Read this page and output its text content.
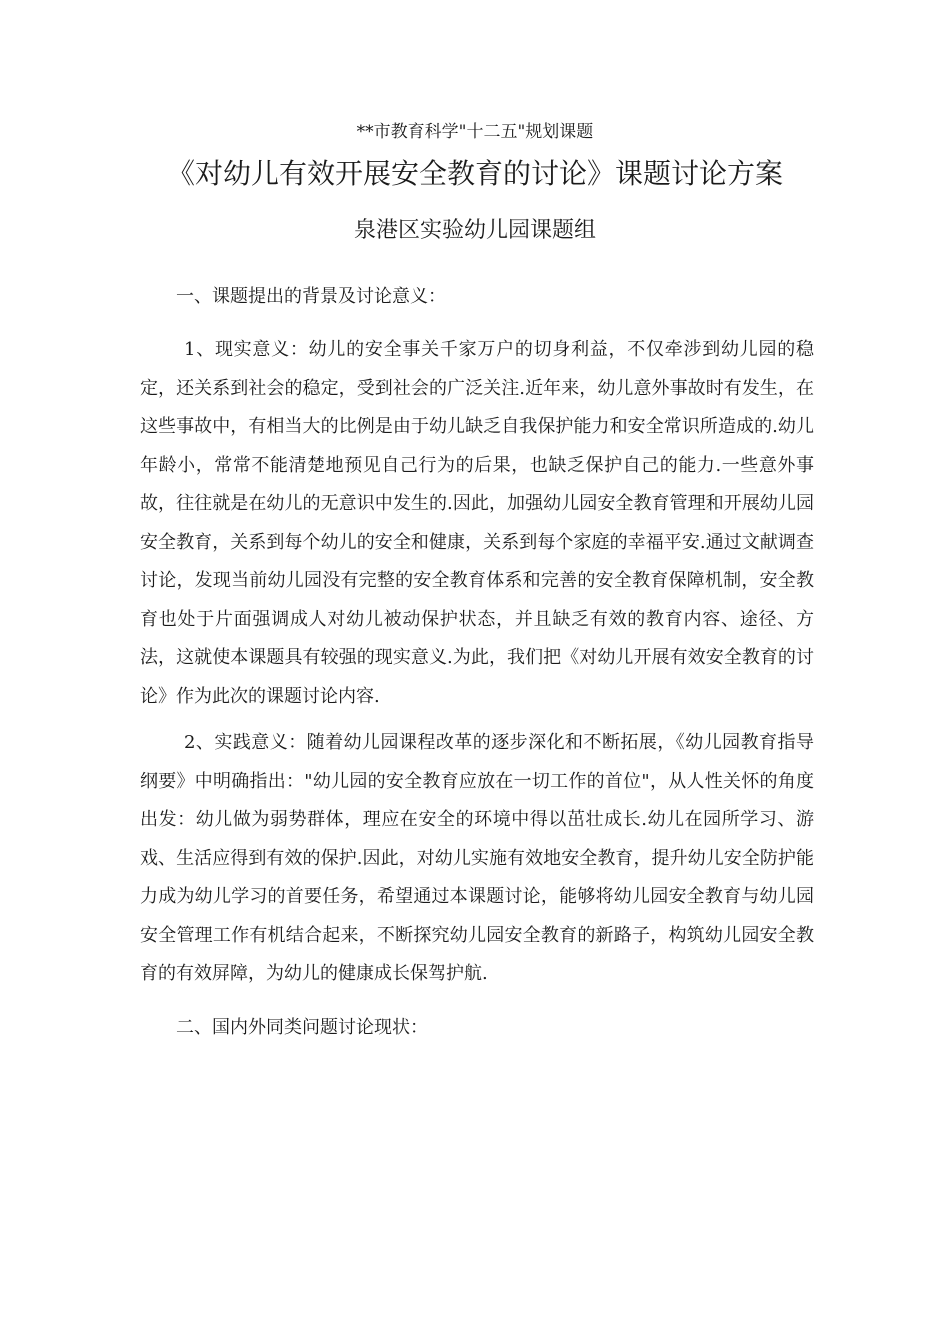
**市教育科学"十二五"规划课题
《对幼儿有效开展安全教育的讨论》课题讨论方案
泉港区实验幼儿园课题组
一、课题提出的背景及讨论意义：

1、现实意义：幼儿的安全事关千家万户的切身利益，不仅牵涉到幼儿园的稳定，还关系到社会的稳定，受到社会的广泛关注.近年来，幼儿意外事故时有发生，在这些事故中，有相当大的比例是由于幼儿缺乏自我保护能力和安全常识所造成的.幼儿年龄小，常常不能清楚地预见自己行为的后果，也缺乏保护自己的能力.一些意外事故，往往就是在幼儿的无意识中发生的.因此，加强幼儿园安全教育管理和开展幼儿园安全教育，关系到每个幼儿的安全和健康，关系到每个家庭的幸福平安.通过文献调查讨论，发现当前幼儿园没有完整的安全教育体系和完善的安全教育保障机制，安全教育也处于片面强调成人对幼儿被动保护状态，并且缺乏有效的教育内容、途径、方法，这就使本课题具有较强的现实意义.为此，我们把《对幼儿开展有效安全教育的讨论》作为此次的课题讨论内容.

2、实践意义：随着幼儿园课程改革的逐步深化和不断拓展，《幼儿园教育指导纲要》中明确指出："幼儿园的安全教育应放在一切工作的首位"，从人性关怀的角度出发：幼儿做为弱势群体，理应在安全的环境中得以茁壮成长.幼儿在园所学习、游戏、生活应得到有效的保护.因此，对幼儿实施有效地安全教育，提升幼儿安全防护能力成为幼儿学习的首要任务，希望通过本课题讨论，能够将幼儿园安全教育与幼儿园安全管理工作有机结合起来，不断探究幼儿园安全教育的新路子，构筑幼儿园安全教育的有效屏障，为幼儿的健康成长保驾护航.

二、国内外同类问题讨论现状：
